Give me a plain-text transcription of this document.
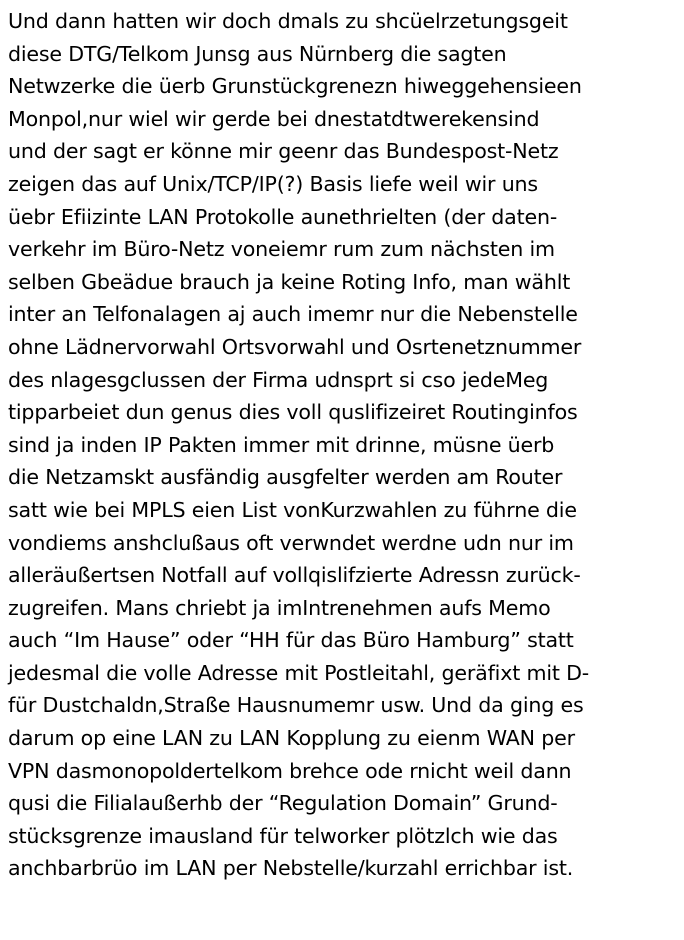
Und dann hatten wir doch dmals zu shcüelrzetungsgeit
diese DTG/Telkom Junsg aus Nürnberg die sagten
Netwzerke die üerb Grunstückgrenezn hiweggehensieen
Monpol,nur wiel wir gerde bei dnestatdtwerekensind
und der sagt er könne mir geenr das Bundespost-Netz
zeigen das auf Unix/TCP/IP(?) Basis liefe weil wir uns
üebr Efiizinte LAN Protokolle aunethrielten (der daten-
verkehr im Büro-Netz voneiemr rum zum nächsten im
selben Gbeädue brauch ja keine Roting Info, man wählt
inter an Telfonalagen aj auch imemr nur die Nebenstelle
ohne Lädnervorwahl Ortsvorwahl und Osrtenetznummer
des nlagesgclussen der Firma udnsprt si cso jedeMeg
tipparbeiet dun genus dies voll quslifizeiret Routinginfos
sind ja inden IP Pakten immer mit drinne, müsne üerb
die Netzamskt ausfändig ausgfelter werden am Router
satt wie bei MPLS eien List vonKurzwahlen zu führne die
vondiems anshclußaus oft verwndet werdne udn nur im
alleräußertsen Notfall auf vollqislifzierte Adressn zurück-
zugreifen. Mans chriebt ja imIntrenehmen aufs Memo
auch “Im Hause” oder “HH für das Büro Hamburg” statt
jedesmal die volle Adresse mit Postleitahl, geräfixt mit D-
für Dustchaldn,Straße Hausnumemr usw. Und da ging es
darum op eine LAN zu LAN Kopplung zu eienm WAN per
VPN dasmonopoldertelkom brehce ode rnicht weil dann
qusi die Filialaußerhb der “Regulation Domain” Grund-
stücksgrenze imausland für telworker plötzlch wie das
anchbarbrüo im LAN per Nebstelle/kurzahl errichbar ist.
